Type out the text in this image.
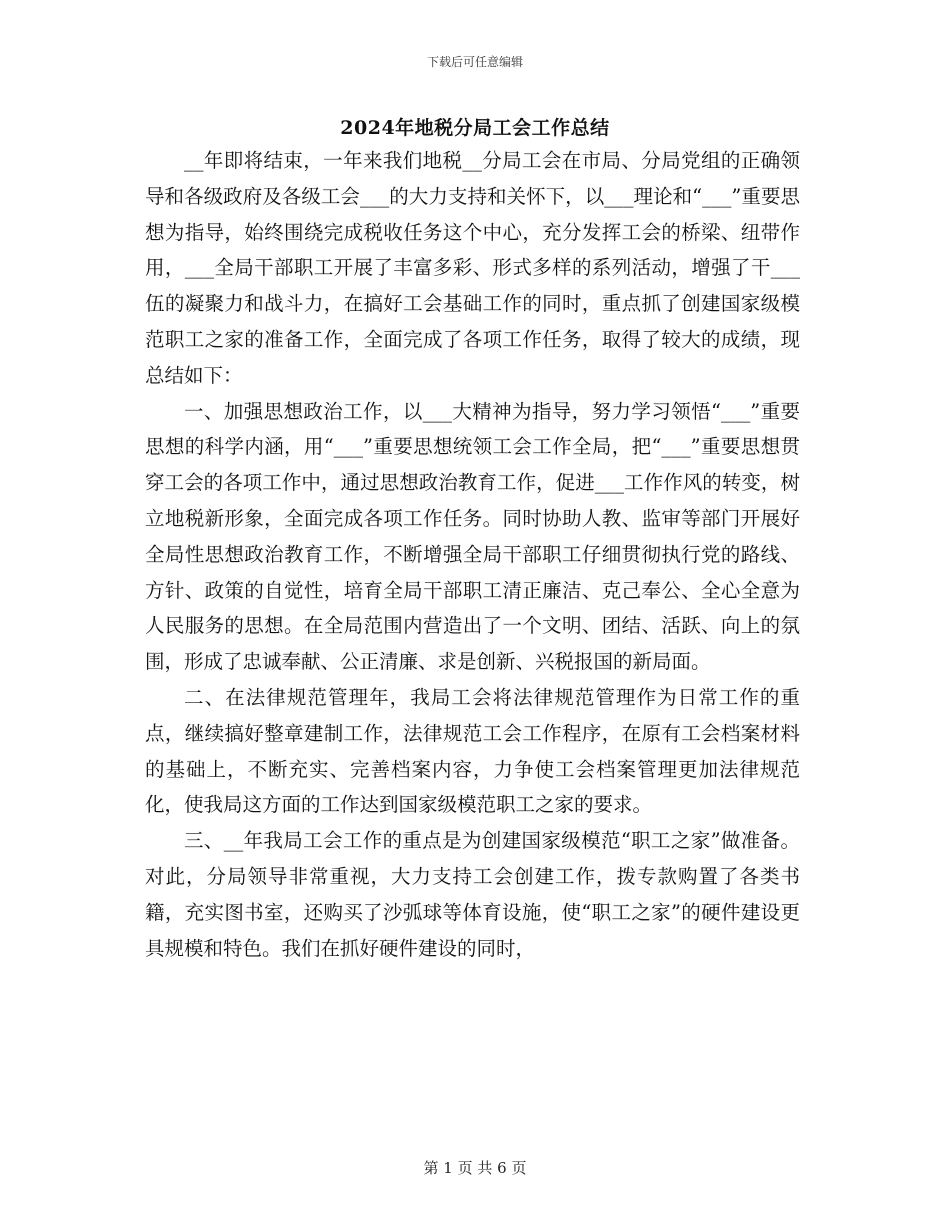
下载后可任意编辑
2024年地税分局工会工作总结

__年即将结束，一年来我们地税__分局工会在市局、分局党组的正确领导和各级政府及各级工会___的大力支持和关怀下，以___理论和“___”重要思想为指导，始终围绕完成税收任务这个中心，充分发挥工会的桥梁、纽带作用，___全局干部职工开展了丰富多彩、形式多样的系列活动，增强了干___伍的凝聚力和战斗力，在搞好工会基础工作的同时，重点抓了创建国家级模范职工之家的准备工作，全面完成了各项工作任务，取得了较大的成绩，现总结如下：

一、加强思想政治工作，以___大精神为指导，努力学习领悟“___”重要思想的科学内涵，用“___”重要思想统领工会工作全局，把“___”重要思想贯穿工会的各项工作中，通过思想政治教育工作，促进___工作作风的转变，树立地税新形象，全面完成各项工作任务。同时协助人教、监审等部门开展好全局性思想政治教育工作，不断增强全局干部职工仔细贯彻执行党的路线、方针、政策的自觉性，培育全局干部职工清正廉洁、克己奉公、全心全意为人民服务的思想。在全局范围内营造出了一个文明、团结、活跃、向上的氛围，形成了忠诚奉献、公正清廉、求是创新、兴税报国的新局面。

二、在法律规范管理年，我局工会将法律规范管理作为日常工作的重点，继续搞好整章建制工作，法律规范工会工作程序，在原有工会档案材料的基础上，不断充实、完善档案内容，力争使工会档案管理更加法律规范化，使我局这方面的工作达到国家级模范职工之家的要求。

三、__年我局工会工作的重点是为创建国家级模范“职工之家”做准备。对此，分局领导非常重视，大力支持工会创建工作，拨专款购置了各类书籍，充实图书室，还购买了沙弧球等体育设施，使“职工之家”的硬件建设更具规模和特色。我们在抓好硬件建设的同时，

第 1 页 共 6 页
